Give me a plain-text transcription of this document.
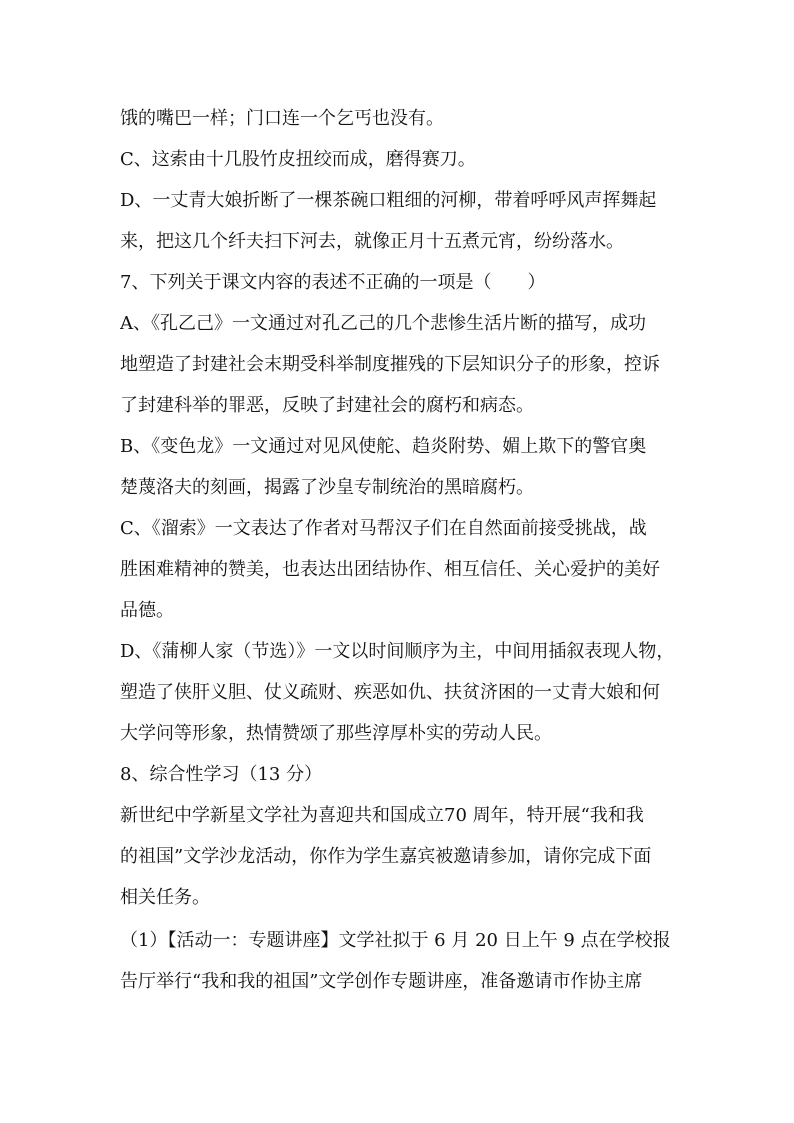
饿的嘴巴一样；门口连一个乞丐也没有。
C、这索由十几股竹皮扭绞而成，磨得赛刀。
D、一丈青大娘折断了一棵茶碗口粗细的河柳，带着呼呼风声挥舞起
来，把这几个纤夫扫下河去，就像正月十五煮元宵，纷纷落水。
7、下列关于课文内容的表述不正确的一项是（　　）
A、《孔乙己》一文通过对孔乙己的几个悲惨生活片断的描写，成功
地塑造了封建社会末期受科举制度摧残的下层知识分子的形象，控诉
了封建科举的罪恶，反映了封建社会的腐朽和病态。
B、《变色龙》一文通过对见风使舵、趋炎附势、媚上欺下的警官奥
楚蔑洛夫的刻画，揭露了沙皇专制统治的黑暗腐朽。
C、《溜索》一文表达了作者对马帮汉子们在自然面前接受挑战，战
胜困难精神的赞美，也表达出团结协作、相互信任、关心爱护的美好
品德。
D、《蒲柳人家（节选）》一文以时间顺序为主，中间用插叙表现人物，
塑造了侠肝义胆、仗义疏财、疾恶如仇、扶贫济困的一丈青大娘和何
大学问等形象，热情赞颂了那些淳厚朴实的劳动人民。
8、综合性学习（13 分）
新世纪中学新星文学社为喜迎共和国成立70 周年，特开展“我和我
的祖国”文学沙龙活动，你作为学生嘉宾被邀请参加，请你完成下面
相关任务。
（1）【活动一：专题讲座】文学社拟于 6 月 20 日上午 9 点在学校报
告厅举行“我和我的祖国”文学创作专题讲座，准备邀请市作协主席
